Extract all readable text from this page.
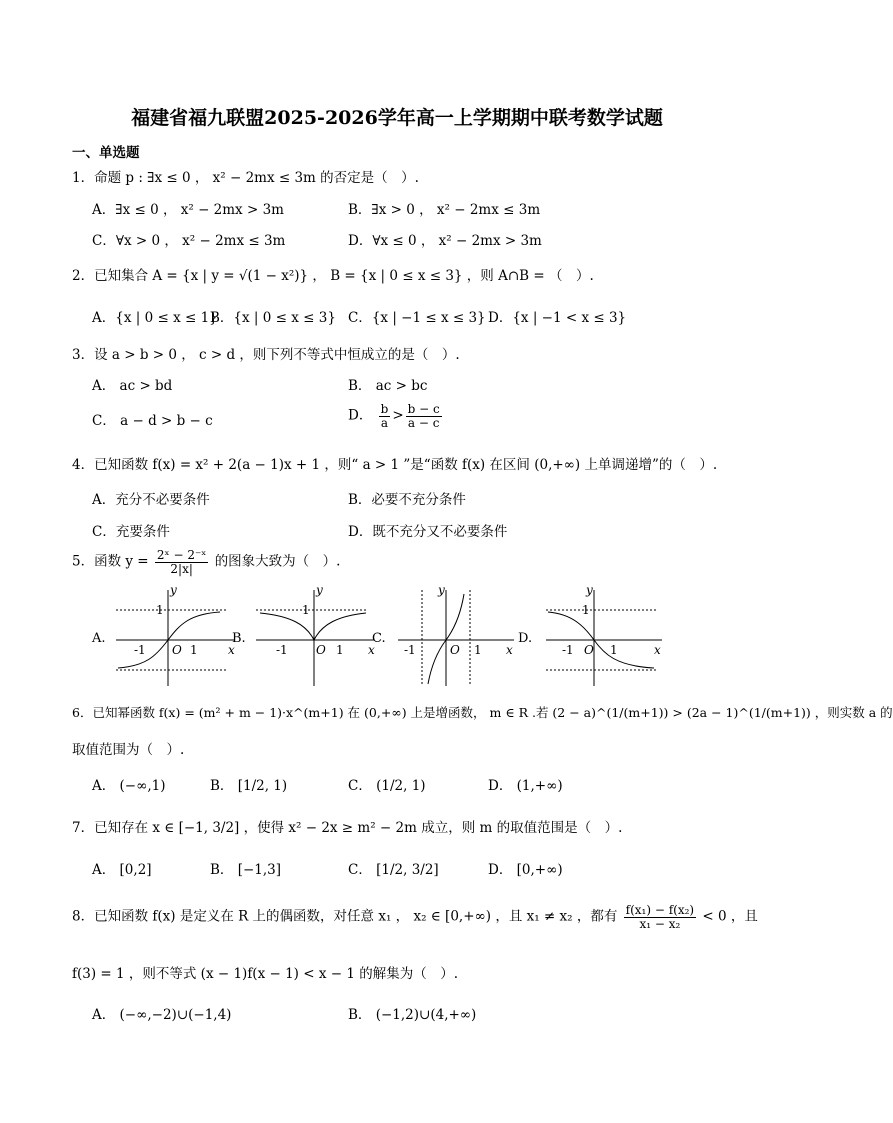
福建省福九联盟2025-2026学年高一上学期期中联考数学试题
一、单选题
1．命题 p : ∃x ≤ 0 ， x² − 2mx ≤ 3m 的否定是（　）.
A．∃x ≤ 0 ， x² − 2mx > 3m	B．∃x > 0 ， x² − 2mx ≤ 3m
C．∀x > 0 ， x² − 2mx ≤ 3m	D．∀x ≤ 0 ， x² − 2mx > 3m
2．已知集合 A = {x | y = √(1 − x²)} ， B = {x | 0 ≤ x ≤ 3} ，则 A∩B = （　）.
A．{x | 0 ≤ x ≤ 1}
B．{x | 0 ≤ x ≤ 3} C．{x | −1 ≤ x ≤ 3} D．{x | −1 < x ≤ 3}
3．设 a > b > 0 ， c > d ，则下列不等式中恒成立的是（　）.
A． ac > bd	B． ac > bc
C． a − d > b − c	D． $\frac{b}{a} > \frac{b - c}{a - c}$
4．已知函数 f(x) = x² + 2(a − 1)x + 1 ，则“ a > 1 ”是“函数 f(x) 在区间 (0,+∞) 上单调递增”的（　）.
A．充分不必要条件	B．必要不充分条件
C．充要条件	D．既不充分又不必要条件
5．函数 $y = \frac{\text{2ˣ − 2⁻ˣ}}{2|x|}$ 的图象大致为（　）.
A.	B.	C.	D.
y
x
O
1
1
-1
y
x
O
1
1
-1
y
x
O 1
-1
y
x
O
1
1
-1
6．已知幂函数 f(x) = (m² + m − 1)·x^(m+1) 在 (0,+∞) 上是增函数， m ∈ R .若 (2 − a)^(1/(m+1)) > (2a − 1)^(1/(m+1)) ，则实数 a 的
取值范围为（　）.
A． (−∞,1)	B． [1/2, 1)	C． (1/2, 1)	D． (1,+∞)
7．已知存在 x ∈ [−1, 3/2] ，使得 x² − 2x ≥ m² − 2m 成立，则 m 的取值范围是（　）.
A． [0,2]	B． [−1,3]	C． [1/2, 3/2]	D． [0,+∞)
8．已知函数 f(x) 是定义在 R 上的偶函数，对任意 x₁ ， x₂ ∈ [0,+∞) ，且 x₁ ≠ x₂ ，都有 $\frac{\text{f(x₁) − f(x₂)}}{\text{x₁ − x₂}} < 0$ ，且
f(3) = 1 ，则不等式 (x − 1)f(x − 1) < x − 1 的解集为（　）.
A． (−∞,−2)∪(−1,4)	B． (−1,2)∪(4,+∞)
